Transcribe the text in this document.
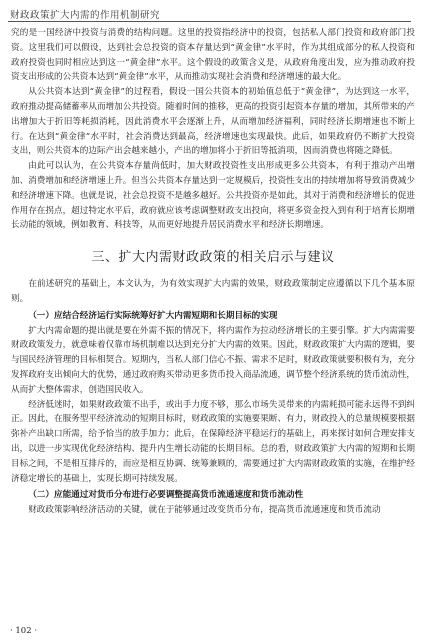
财政政策扩大内需的作用机制研究

究的是一国经济中投资与消费的结构问题。这里的投资指经济中的投资，包括私人部门投资和政府部门投资。这里我们可以假设，达到社会总投资的资本存量达到“黄金律”水平时，作为其组成部分的私人投资和政府投资也同时相应达到这一“黄金律”水平。这个假设的政策含义是，从政府角度出发，应为推动政府投资支出形成的公共资本达到“黄金律”水平，从而推动实现社会消费和经济增速的最大化。

从公共资本达到“黄金律”的过程看，假设一国公共资本的初始值总低于“黄金律”，为达到这一水平，政府推动提高储蓄率从而增加公共投资。随着时间的推移，更高的投资引起资本存量的增加，其所带来的产出增加大于折旧等耗损消耗，因此消费水平会逐渐上升，从而增加经济福利，同时经济长期增速也不断上行。在达到“黄金律”水平时，社会消费达到最高，经济增速也实现最快。此后，如果政府仍不断扩大投资支出，则公共资本的边际产出会越来越小，产出的增加将小于折旧等抵消项，因而消费也将随之降低。

由此可以认为，在公共资本存量尚低时，加大财政投资性支出形成更多公共资本，有利于推动产出增加、消费增加和经济增速上升。但当公共资本存量达到一定规模后，投资性支出的持续增加将导致消费减少和经济增速下降。也就是说，社会总投资不是越多越好。公共投资亦是如此，其对于消费和经济增长的促进作用存在拐点，超过特定水平后，政府就应该考虑调整财政支出投向，将更多资金投入到有利于培育长期增长动能的领域，例如教育、科技等，从而更好地提升居民消费水平和经济长期增速。

三、扩大内需财政政策的相关启示与建议

在前述研究的基础上，本文认为，为有效实现扩大内需的效果，财政政策制定应遵循以下几个基本原则。

（一）应结合经济运行实际统筹好扩大内需短期和长期目标的实现

扩大内需命题的提出就是要在外需不振的情况下，将内需作为拉动经济增长的主要引擎。扩大内需需要财政政策发力，就意味着仅靠市场机制难以达到充分扩大内需的效果。因此，财政政策扩大内需的逻辑，要与国民经济管理的目标相契合。短期内，当私人部门信心不振、需求不足时，财政政策就要积极有为，充分发挥政府支出倾向大的优势，通过政府购买带动更多货币投入商品流通，调节整个经济系统的货币流动性，从而扩大整体需求，创造国民收入。

经济低迷时，如果财政政策不出手，或出手力度不够，那么市场失灵带来的内需耗损可能永远得不到纠正。因此，在服务型平经济流动的短期目标时，财政政策的实施要果断、有力，财政投入的总量规模要根据弥补产出缺口所需，给予恰当的放手加力；此后，在保障经济平稳运行的基础上，再来探讨如何合理安排支出，以进一步实现优化经济结构、提升内生增长动能的长期目标。总的看，财政政策扩大内需的短期和长期目标之间，不是相互排斥的，而应是相互协调、统筹兼顾的，需要通过扩大内需财政政策的实施，在维护经济稳定增长的基础上，实现长期可持续发展。

（二）应能通过对货币分布进行必要调整提高货币流通速度和货币流动性

财政政策影响经济活动的关键，就在于能够通过改变货币分布，提高货币流通速度和货币流动

· 102 ·
